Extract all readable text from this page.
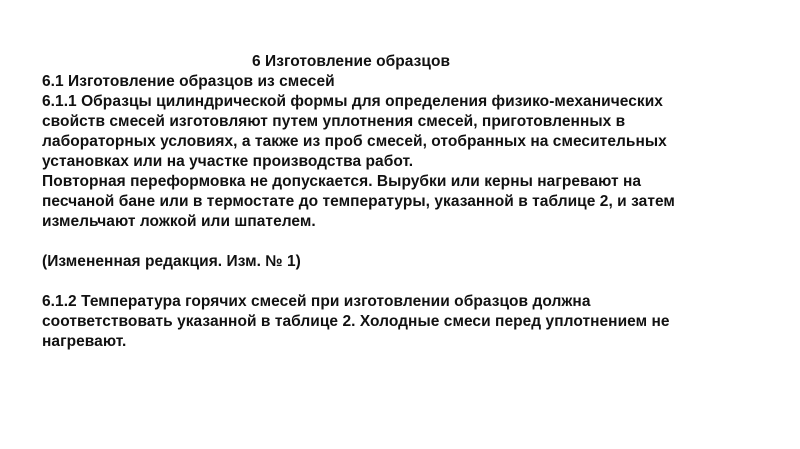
6 Изготовление образцов

6.1 Изготовление образцов из смесей

6.1.1 Образцы цилиндрической формы для определения физико-механических

свойств смесей изготовляют путем уплотнения смесей, приготовленных в

лабораторных условиях, а также из проб смесей, отобранных на смесительных

установках или на участке производства работ.

Повторная переформовка не допускается. Вырубки или керны нагревают на

песчаной бане или в термостате до температуры, указанной в таблице 2, и затем

измельчают ложкой или шпателем.

(Измененная редакция. Изм. № 1)

6.1.2 Температура горячих смесей при изготовлении образцов должна

соответствовать указанной в таблице 2. Холодные смеси перед уплотнением не

нагревают.
